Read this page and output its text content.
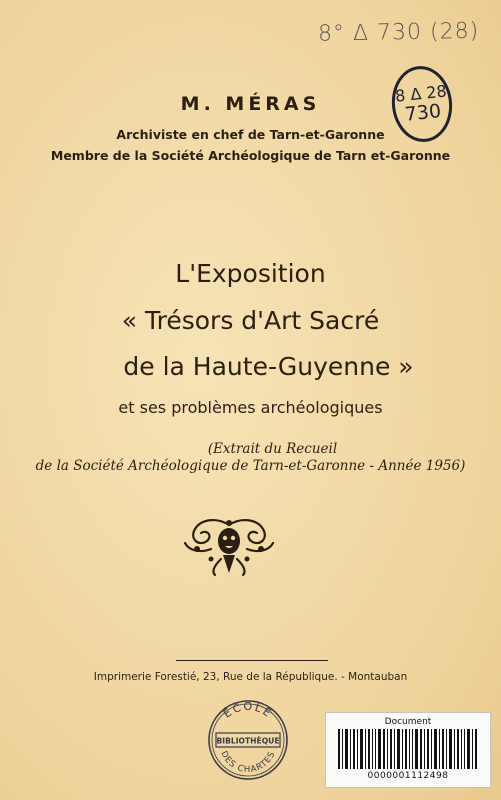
8° Δ 730 (28)
8 Δ 28
730
M. MÉRAS
Archiviste en chef de Tarn-et-Garonne
Membre de la Société Archéologique de Tarn et-Garonne
L'Exposition
« Trésors d'Art Sacré
de la Haute-Guyenne »
et ses problèmes archéologiques
(Extrait du Recueil
de la Société Archéologique de Tarn-et-Garonne - Année 1956)
Imprimerie Forestié, 23, Rue de la République. - Montauban
ÉCOLE
BIBLIOTHÈQUE
DES CHARTES
Document
0000001112498
